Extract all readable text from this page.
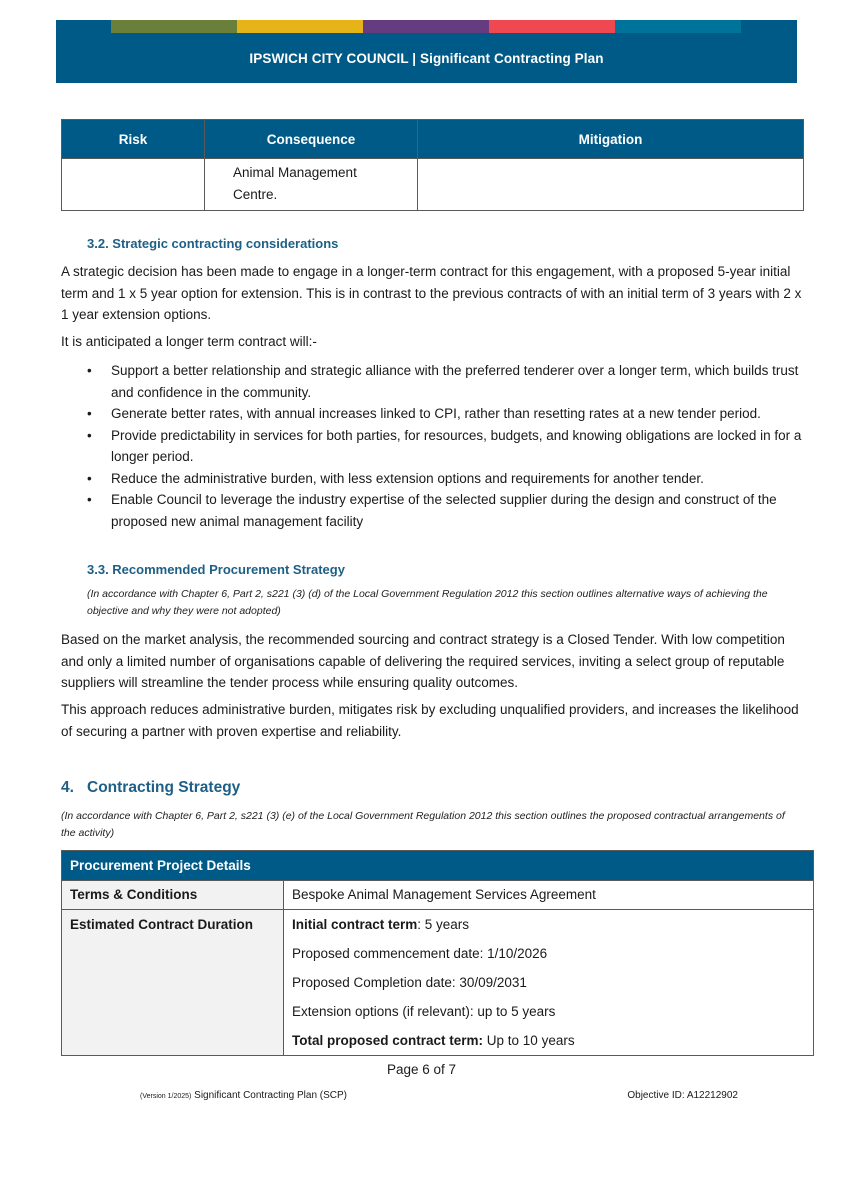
IPSWICH CITY COUNCIL | Significant Contracting Plan
Risk	Consequence	Mitigation
	Animal Management Centre.	
3.2. Strategic contracting considerations

A strategic decision has been made to engage in a longer-term contract for this engagement, with a proposed 5-year initial term and 1 x 5 year option for extension. This is in contrast to the previous contracts of with an initial term of 3 years with 2 x 1 year extension options.

It is anticipated a longer term contract will:-

• Support a better relationship and strategic alliance with the preferred tenderer over a longer term, which builds trust and confidence in the community.
• Generate better rates, with annual increases linked to CPI, rather than resetting rates at a new tender period.
• Provide predictability in services for both parties, for resources, budgets, and knowing obligations are locked in for a longer period.
• Reduce the administrative burden, with less extension options and requirements for another tender.
• Enable Council to leverage the industry expertise of the selected supplier during the design and construct of the proposed new animal management facility
3.3. Recommended Procurement Strategy
(In accordance with Chapter 6, Part 2, s221 (3) (d) of the Local Government Regulation 2012 this section outlines alternative ways of achieving the objective and why they were not adopted)

Based on the market analysis, the recommended sourcing and contract strategy is a Closed Tender. With low competition and only a limited number of organisations capable of delivering the required services, inviting a select group of reputable suppliers will streamline the tender process while ensuring quality outcomes.

This approach reduces administrative burden, mitigates risk by excluding unqualified providers, and increases the likelihood of securing a partner with proven expertise and reliability.

4. Contracting Strategy
(In accordance with Chapter 6, Part 2, s221 (3) (e) of the Local Government Regulation 2012 this section outlines the proposed contractual arrangements of the activity)
Procurement Project Details	
Terms & Conditions	Bespoke Animal Management Services Agreement
Estimated Contract Duration	Initial contract term: 5 years
Proposed commencement date: 1/10/2026
Proposed Completion date: 30/09/2031
Extension options (if relevant): up to 5 years
Total proposed contract term: Up to 10 years
Page 6 of 7
(Version 1/2025) Significant Contracting Plan (SCP)	Objective ID: A12212902
